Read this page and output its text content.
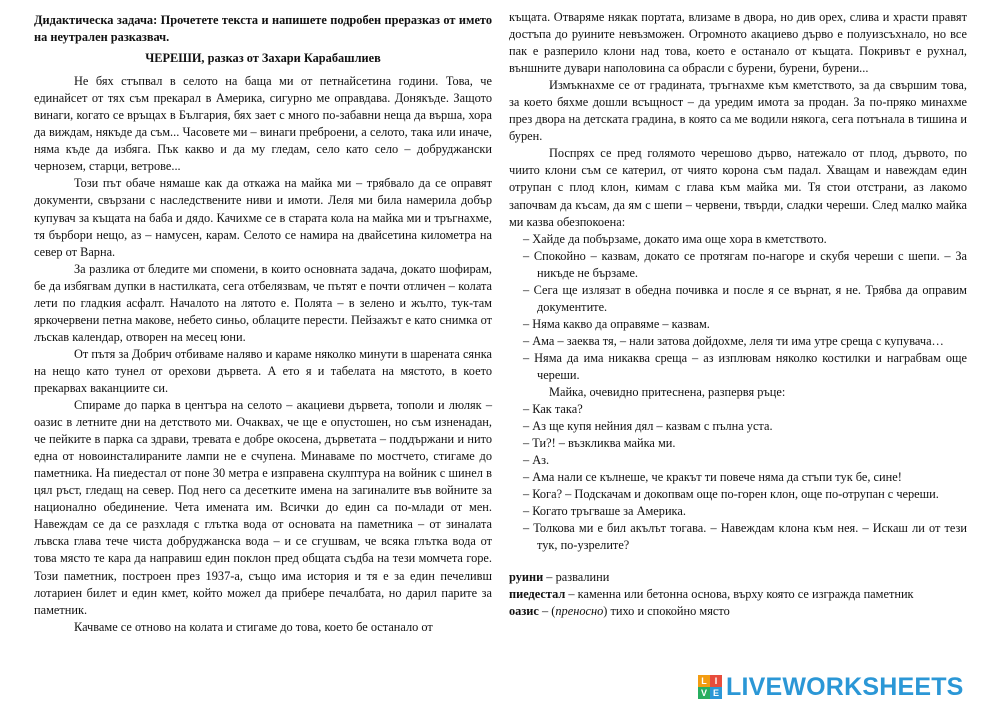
Дидактическа задача: Прочетете текста и напишете подробен преразказ от името на неутрален разказвач.

ЧЕРЕШИ, разказ от Захари Карабашлиев

Не бях стъпвал в селото на баща ми от петнайсетина години. Това, че единайсет от тях съм прекарал в Америка, сигурно ме оправдава. Донякъде. Защото винаги, когато се връщах в България, бях зает с много по-забавни неща да върша, хора да виждам, някъде да съм... Часовете ми – винаги преброени, а селото, така или иначе, няма къде да избяга. Пък какво и да му гледам, село като село – добруджански чернозем, старци, ветрове...

Този път обаче нямаше как да откажа на майка ми – трябвало да се оправят документи, свързани с наследствените ниви и имоти. Леля ми била намерила добър купувач за къщата на баба и дядо. Качихме се в старата кола на майка ми и тръгнахме, тя бърбори нещо, аз – намусен, карам. Селото се намира на двайсетина километра на север от Варна.

За разлика от бледите ми спомени, в които основната задача, докато шофирам, бе да избягвам дупки в настилката, сега отбелязвам, че пътят е почти отличен – колата лети по гладкия асфалт. Началото на лятото е. Полята – в зелено и жълто, тук-там яркочервени петна макове, небето синьо, облаците перести. Пейзажът е като снимка от лъскав календар, отворен на месец юни.

От пътя за Добрич отбиваме наляво и караме няколко минути в шарената сянка на нещо като тунел от орехови дървета. А ето я и табелата на мястото, в което прекарвах ваканциите си.

Спираме до парка в центъра на селото – акациеви дървета, тополи и люляк – оазис в летните дни на детството ми. Очаквах, че ще е опустошен, но съм изненадан, че пейките в парка са здрави, тревата е добре окосена, дърветата – поддържани и нито една от новоинсталираните лампи не е счупена. Минаваме по мостчето, стигаме до паметника. На пиедестал от поне 30 метра е изправена скулптура на войник с шинел в цял ръст, гледащ на север. Под него са десетките имена на загиналите във войните за национално обединение. Чета имената им. Всички до един са по-млади от мен. Навеждам се да се разхладя с глътка вода от основата на паметника – от зиналата лъвска глава тече чиста добруджанска вода – и се сгушвам, че всяка глътка вода от това място те кара да направиш един поклон пред общата съдба на тези момчета горе. Този паметник, построен през 1937-а, също има история и тя е за един печеливш лотариен билет и един кмет, който можел да прибере печалбата, но дарил парите за паметник.

Качваме се отново на колата и стигаме до това, което бе останало от

къщата. Отваряме някак портата, влизаме в двора, но див орех, слива и храсти правят достъпа до руините невъзможен. Огромното акациево дърво е полуизсъхнало, но все пак е разперило клони над това, което е останало от къщата. Покривът е рухнал, външните дувари наполовина са обрасли с бурени, бурени, бурени...

Измъкнахме се от градината, тръгнахме към кметството, за да свършим това, за което бяхме дошли всъщност – да уредим имота за продан. За по-пряко минахме през двора на детската градина, в която са ме водили някога, сега потънала в тишина и бурен.

Поспрях се пред голямото черешово дърво, натежало от плод, дървото, по чиито клони съм се катерил, от чиято корона съм падал. Хващам и навеждам един отрупан с плод клон, кимам с глава към майка ми. Тя стои отстрани, аз лакомо започвам да късам, да ям с шепи – червени, твърди, сладки череши. След малко майка ми казва обезпокоена:

– Хайде да побързаме, докато има още хора в кметството.

– Спокойно – казвам, докато се протягам по-нагоре и скубя череши с шепи. – За никъде не бързаме.

– Сега ще излязат в обедна почивка и после я се върнат, я не. Трябва да оправим документите.

– Няма какво да оправяме – казвам.

– Ама – заеква тя, – нали затова дойдохме, леля ти има утре среща с купувача…

– Няма да има никаква среща – аз изплювам няколко костилки и награбвам още череши.

Майка, очевидно притеснена, разпервя ръце:

– Как така?

– Аз ще купя нейния дял – казвам с пълна уста.

– Ти?! – възкликва майка ми.

– Аз.

– Ама нали се кълнеше, че кракът ти повече няма да стъпи тук бе, сине!

– Кога? – Подскачам и докопвам още по-горен клон, още по-отрупан с череши.

– Когато тръгваше за Америка.

– Толкова ми е бил акълът тогава. – Навеждам клона към нея. – Искаш ли от тези тук, по-узрелите?

руини – развалини

пиедестал – каменна или бетонна основа, върху която се изгражда паметник

оазис – (преносно) тихо и спокойно място

L I
V E LIVEWORKSHEETS
